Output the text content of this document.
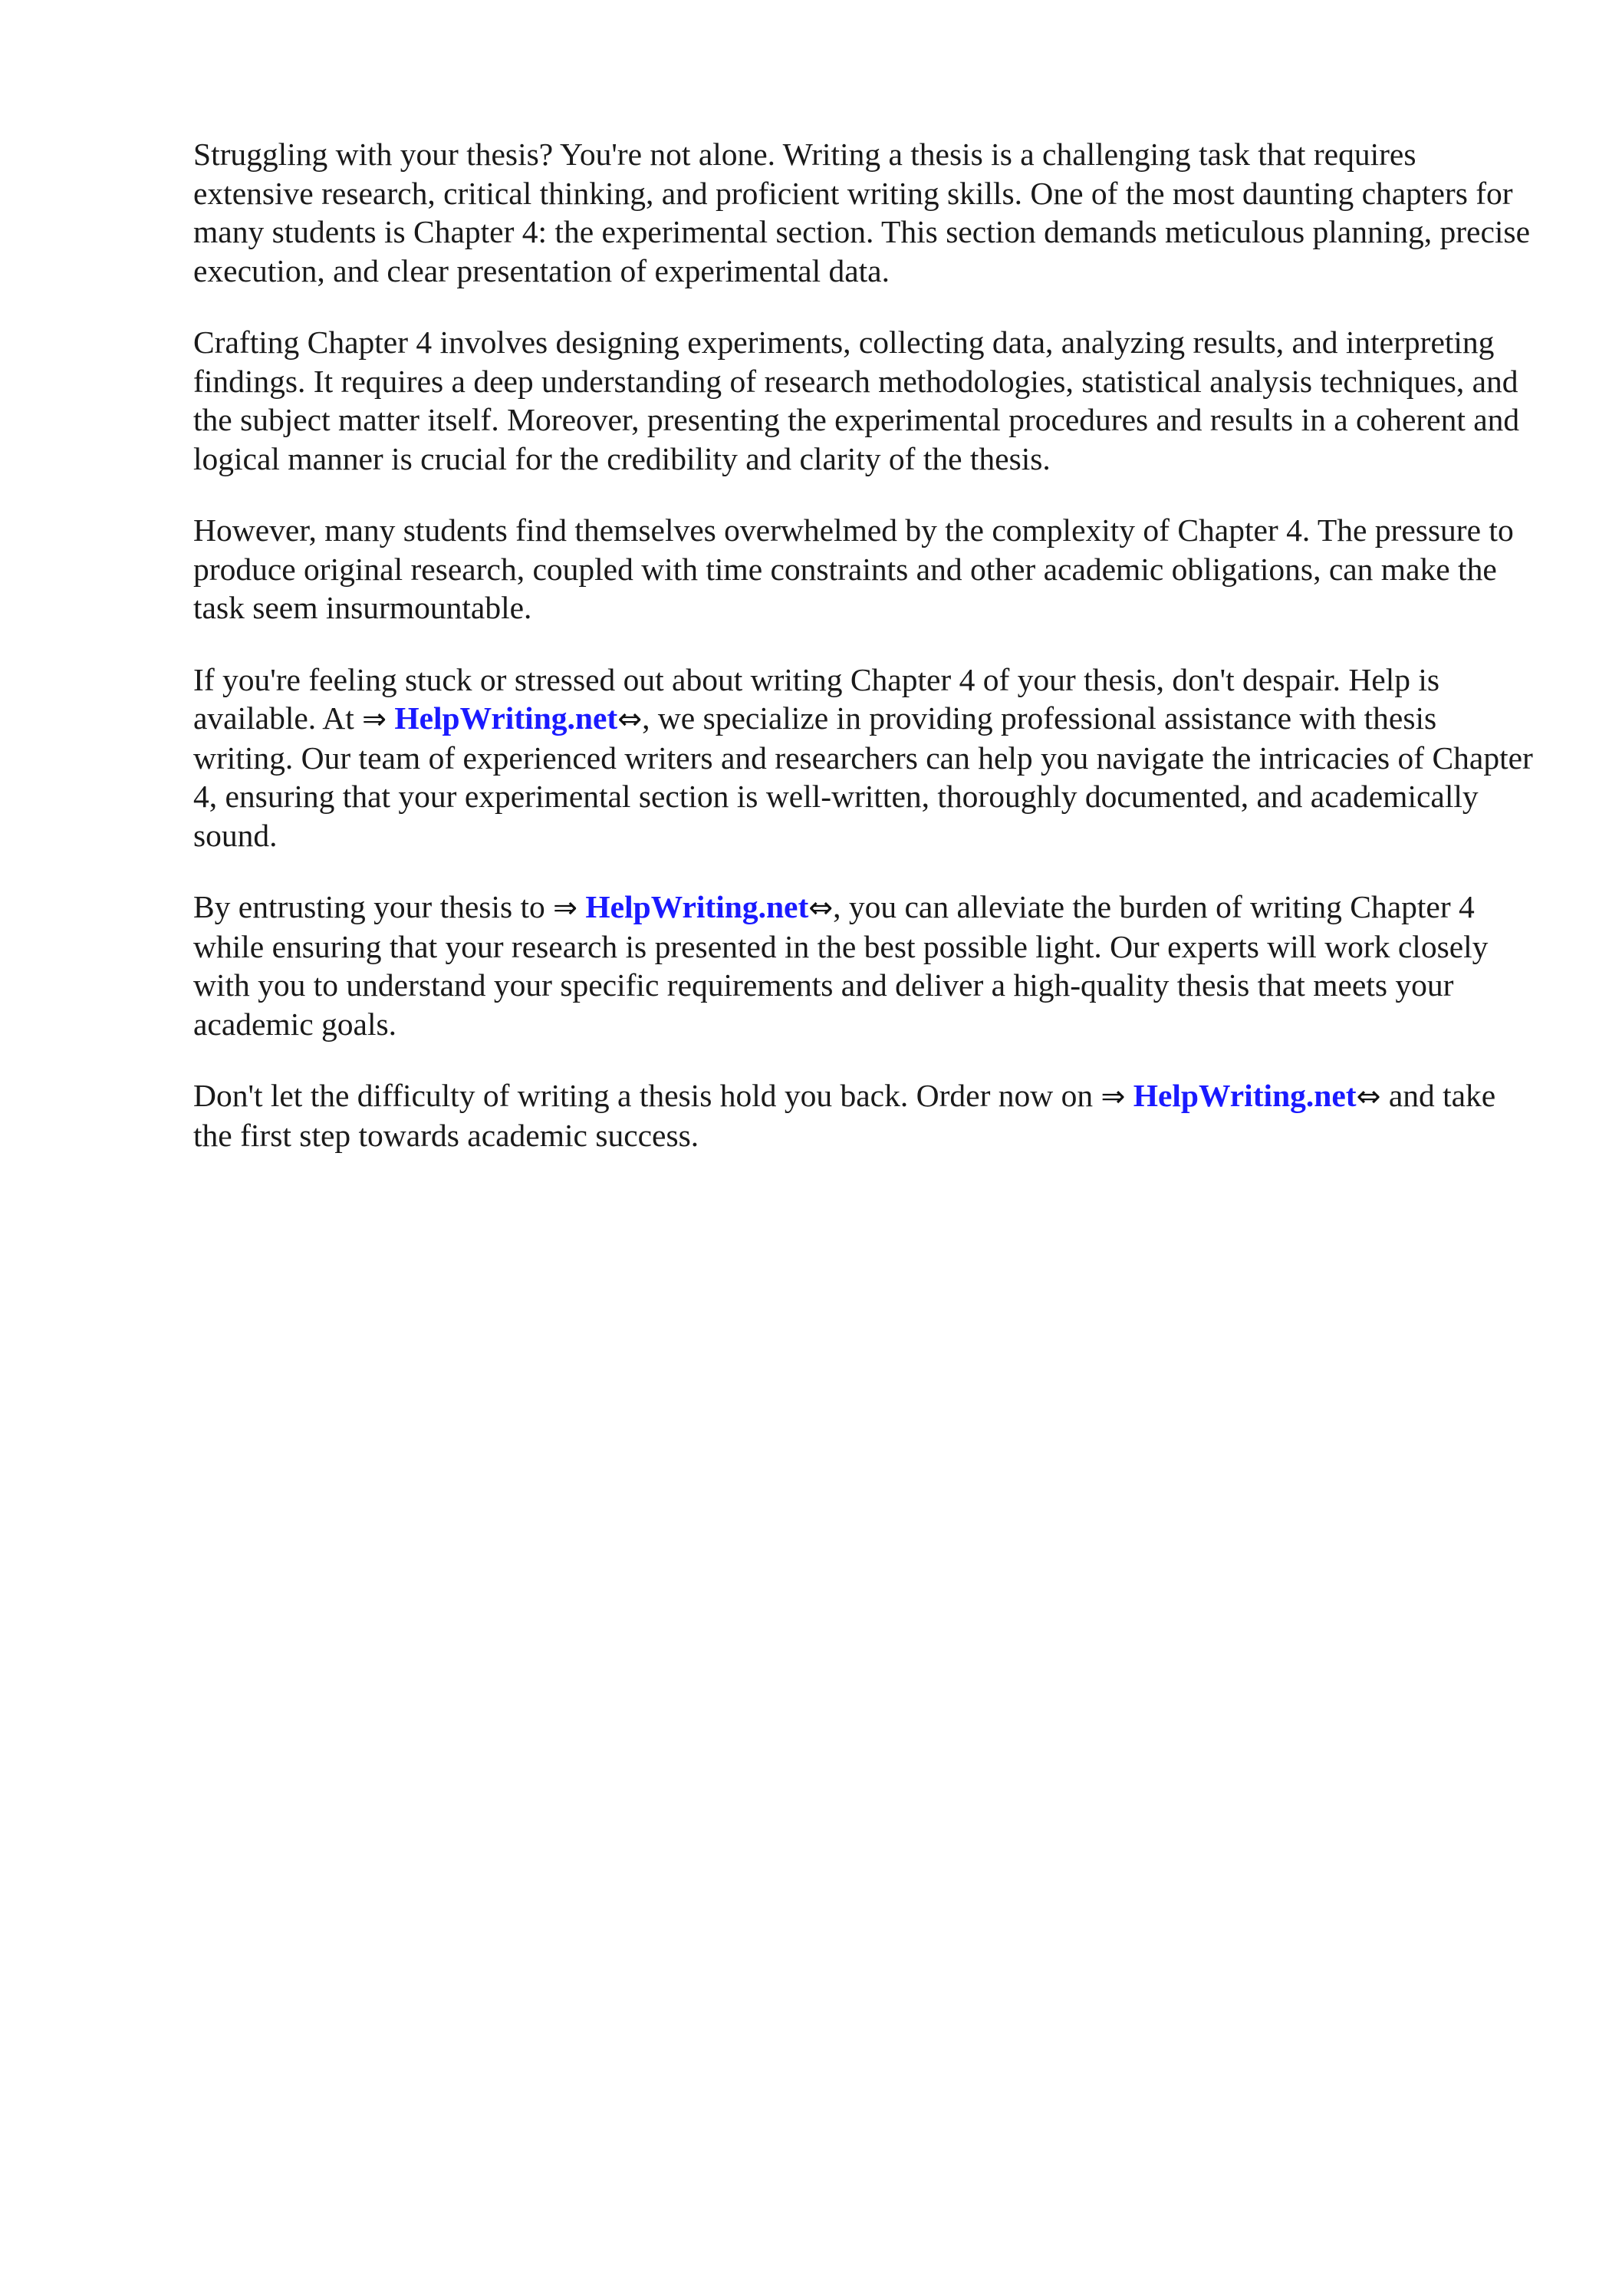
Struggling with your thesis? You're not alone. Writing a thesis is a challenging task that requires extensive research, critical thinking, and proficient writing skills. One of the most daunting chapters for many students is Chapter 4: the experimental section. This section demands meticulous planning, precise execution, and clear presentation of experimental data.

Crafting Chapter 4 involves designing experiments, collecting data, analyzing results, and interpreting findings. It requires a deep understanding of research methodologies, statistical analysis techniques, and the subject matter itself. Moreover, presenting the experimental procedures and results in a coherent and logical manner is crucial for the credibility and clarity of the thesis.

However, many students find themselves overwhelmed by the complexity of Chapter 4. The pressure to produce original research, coupled with time constraints and other academic obligations, can make the task seem insurmountable.

If you're feeling stuck or stressed out about writing Chapter 4 of your thesis, don't despair. Help is available. At ⇒ HelpWriting.net⇔, we specialize in providing professional assistance with thesis writing. Our team of experienced writers and researchers can help you navigate the intricacies of Chapter 4, ensuring that your experimental section is well-written, thoroughly documented, and academically sound.

By entrusting your thesis to ⇒ HelpWriting.net⇔, you can alleviate the burden of writing Chapter 4 while ensuring that your research is presented in the best possible light. Our experts will work closely with you to understand your specific requirements and deliver a high-quality thesis that meets your academic goals.

Don't let the difficulty of writing a thesis hold you back. Order now on ⇒ HelpWriting.net⇔ and take the first step towards academic success.
